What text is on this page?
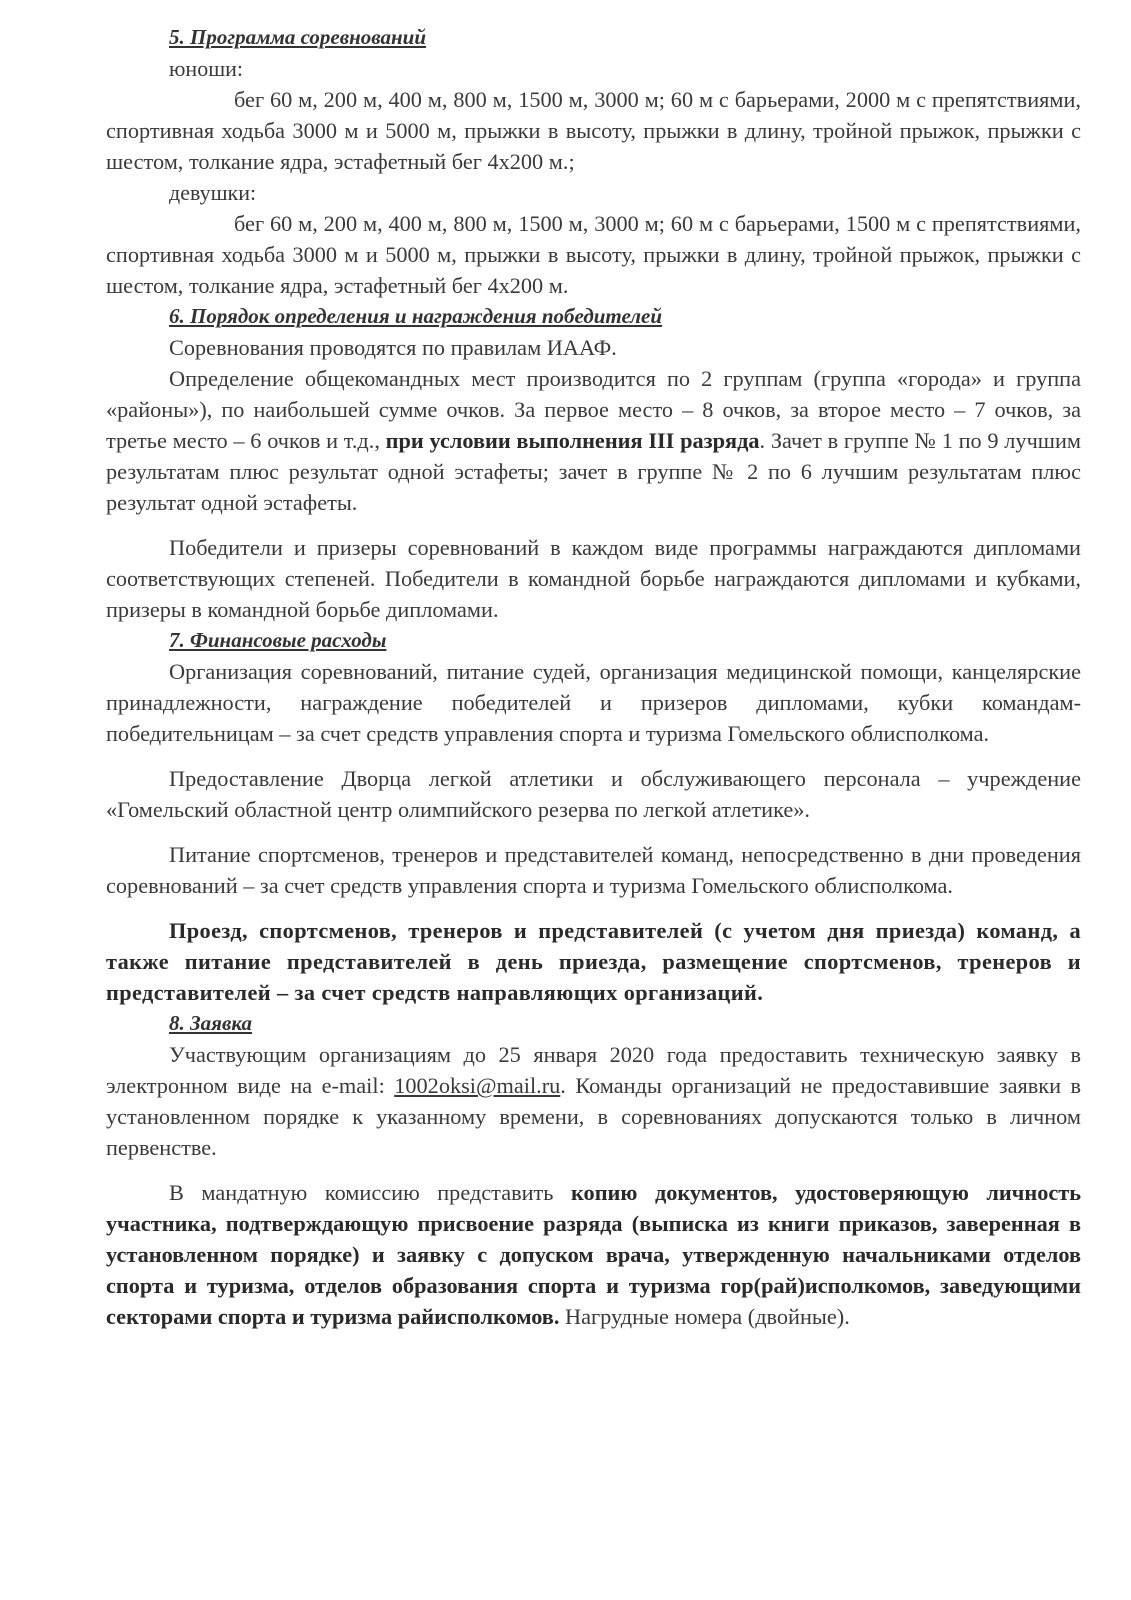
5. Программа соревнований
юноши:

бег 60 м, 200 м, 400 м, 800 м, 1500 м, 3000 м; 60 м с барьерами, 2000 м с препятствиями, спортивная ходьба 3000 м и 5000 м, прыжки в высоту, прыжки в длину, тройной прыжок, прыжки с шестом, толкание ядра, эстафетный бег 4х200 м.;

девушки:

бег 60 м, 200 м, 400 м, 800 м, 1500 м, 3000 м; 60 м с барьерами, 1500 м с препятствиями, спортивная ходьба 3000 м и 5000 м, прыжки в высоту, прыжки в длину, тройной прыжок, прыжки с шестом, толкание ядра, эстафетный бег 4х200 м.

6. Порядок определения и награждения победителей

Соревнования проводятся по правилам ИААФ.

Определение общекомандных мест производится по 2 группам (группа «города» и группа «районы»), по наибольшей сумме очков. За первое место – 8 очков, за второе место – 7 очков, за третье место – 6 очков и т.д., при условии выполнения III разряда. Зачет в группе № 1 по 9 лучшим результатам плюс результат одной эстафеты; зачет в группе № 2 по 6 лучшим результатам плюс результат одной эстафеты.

Победители и призеры соревнований в каждом виде программы награждаются дипломами соответствующих степеней. Победители в командной борьбе награждаются дипломами и кубками, призеры в командной борьбе дипломами.

7. Финансовые расходы

Организация соревнований, питание судей, организация медицинской помощи, канцелярские принадлежности, награждение победителей и призеров дипломами, кубки командам-победительницам – за счет средств управления спорта и туризма Гомельского облисполкома.

Предоставление Дворца легкой атлетики и обслуживающего персонала – учреждение «Гомельский областной центр олимпийского резерва по легкой атлетике».

Питание спортсменов, тренеров и представителей команд, непосредственно в дни проведения соревнований – за счет средств управления спорта и туризма Гомельского облисполкома.

Проезд, спортсменов, тренеров и представителей (с учетом дня приезда) команд, а также питание представителей в день приезда, размещение спортсменов, тренеров и представителей – за счет средств направляющих организаций.

8. Заявка

Участвующим организациям до 25 января 2020 года предоставить техническую заявку в электронном виде на e-mail: 1002oksi@mail.ru. Команды организаций не предоставившие заявки в установленном порядке к указанному времени, в соревнованиях допускаются только в личном первенстве.

В мандатную комиссию представить копию документов, удостоверяющую личность участника, подтверждающую присвоение разряда (выписка из книги приказов, заверенная в установленном порядке) и заявку с допуском врача, утвержденную начальниками отделов спорта и туризма, отделов образования спорта и туризма гор(рай)исполкомов, заведующими секторами спорта и туризма райисполкомов. Нагрудные номера (двойные).
